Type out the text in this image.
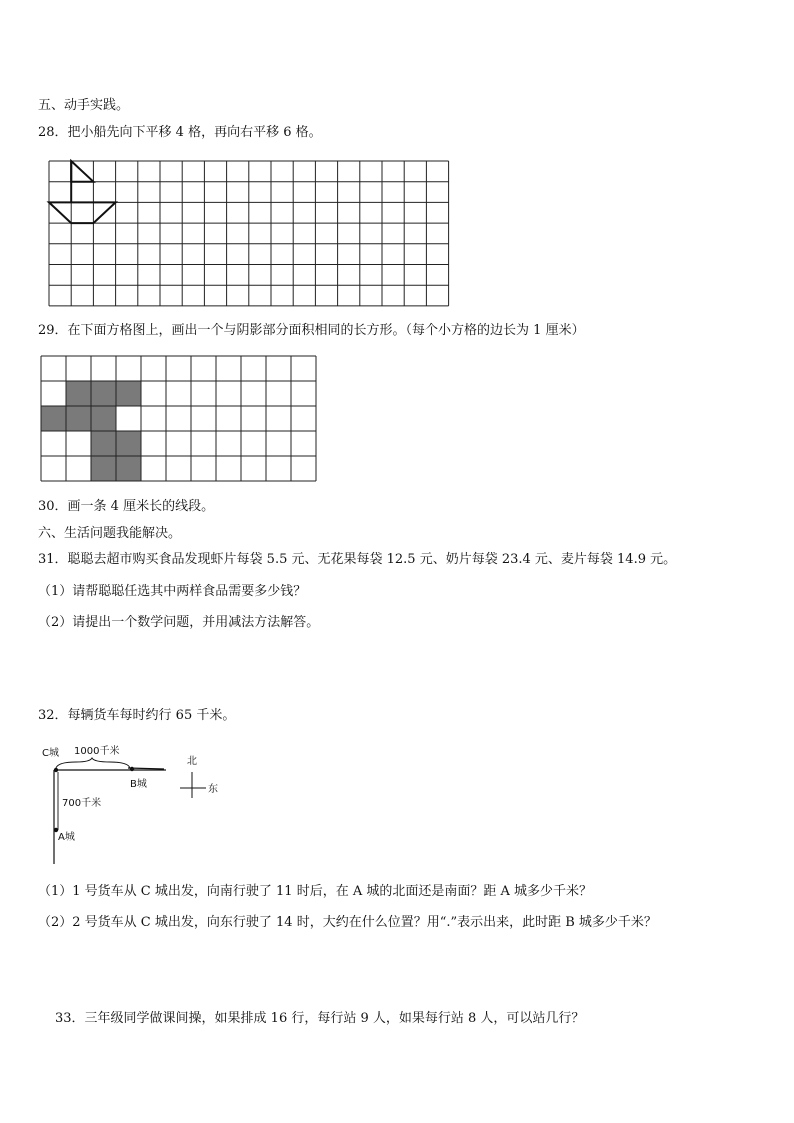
五、动手实践。
28．把小船先向下平移 4 格，再向右平移 6 格。
29．在下面方格图上，画出一个与阴影部分面积相同的长方形。（每个小方格的边长为 1 厘米）
30．画一条 4 厘米长的线段。
六、生活问题我能解决。
31．聪聪去超市购买食品发现虾片每袋 5.5 元、无花果每袋 12.5 元、奶片每袋 23.4 元、麦片每袋 14.9 元。
（1）请帮聪聪任选其中两样食品需要多少钱？
（2）请提出一个数学问题，并用减法方法解答。
32．每辆货车每时约行 65 千米。
C城 1000千米
B城
700千米
A城
北
东
（1）1 号货车从 C 城出发，向南行驶了 11 时后，在 A 城的北面还是南面？距 A 城多少千米？
（2）2 号货车从 C 城出发，向东行驶了 14 时，大约在什么位置？用“.”表示出来，此时距 B 城多少千米？
33．三年级同学做课间操，如果排成 16 行，每行站 9 人，如果每行站 8 人，可以站几行？
